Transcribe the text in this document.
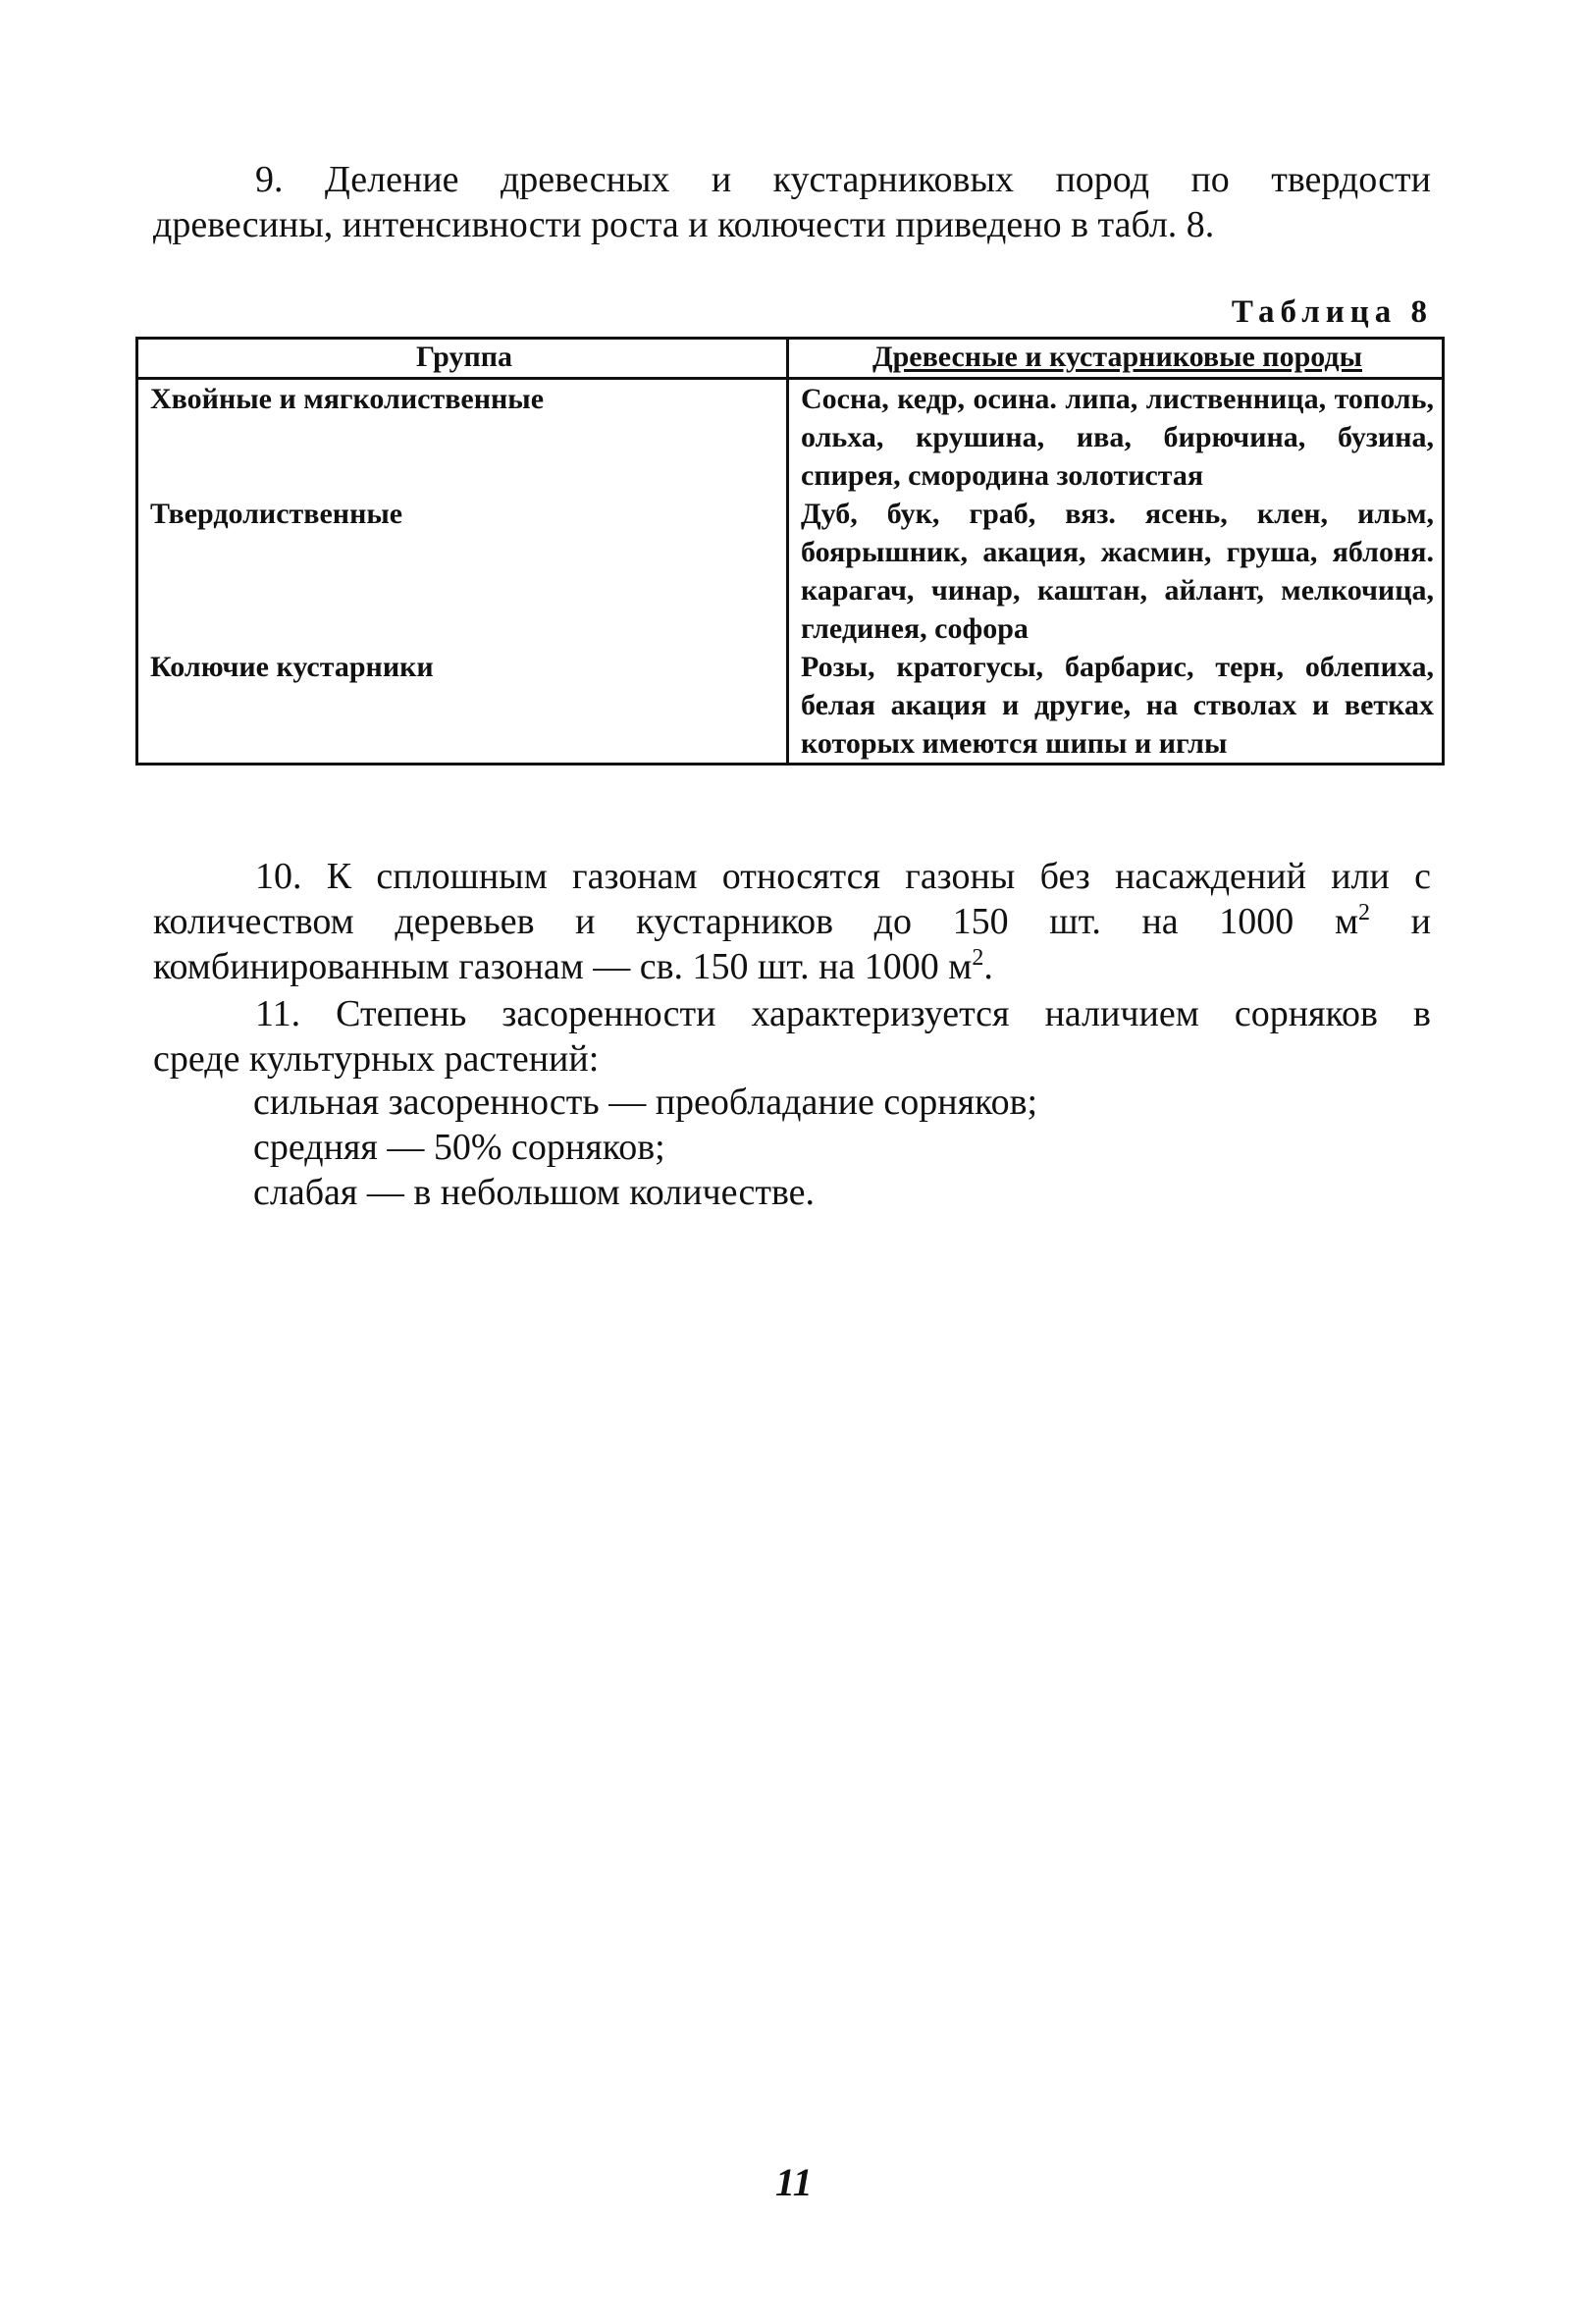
9. Деление древесных и кустарниковых пород по твердости
древесины, интенсивности роста и колючести приведено в табл. 8.
Таблица 8
Группа	Древесные и кустарниковые породы
Хвойные и мягколиственные	Сосна, кедр, осина. липа, лиственница, тополь, ольха, крушина, ива, бирючина, бузина, спирея, смородина золотистая
Твердолиственные	Дуб, бук, граб, вяз. ясень, клен, ильм, боярышник, акация, жасмин, груша, яблоня. карагач, чинар, каштан, айлант, мелкочица, глединея, софора
Колючие кустарники	Розы, кратогусы, барбарис, терн, облепиха, белая акация и другие, на стволах и ветках которых имеются шипы и иглы
10. К сплошным газонам относятся газоны без насаждений или с
количеством деревьев и кустарников до 150 шт. на 1000 $м^2$ и
комбинированным газонам — св. 150 шт. на 1000 $м^2$.
11. Степень засоренности характеризуется наличием сорняков в
среде культурных растений:
сильная засоренность — преобладание сорняков;
средняя — 50% сорняков;
слабая — в небольшом количестве.
11
